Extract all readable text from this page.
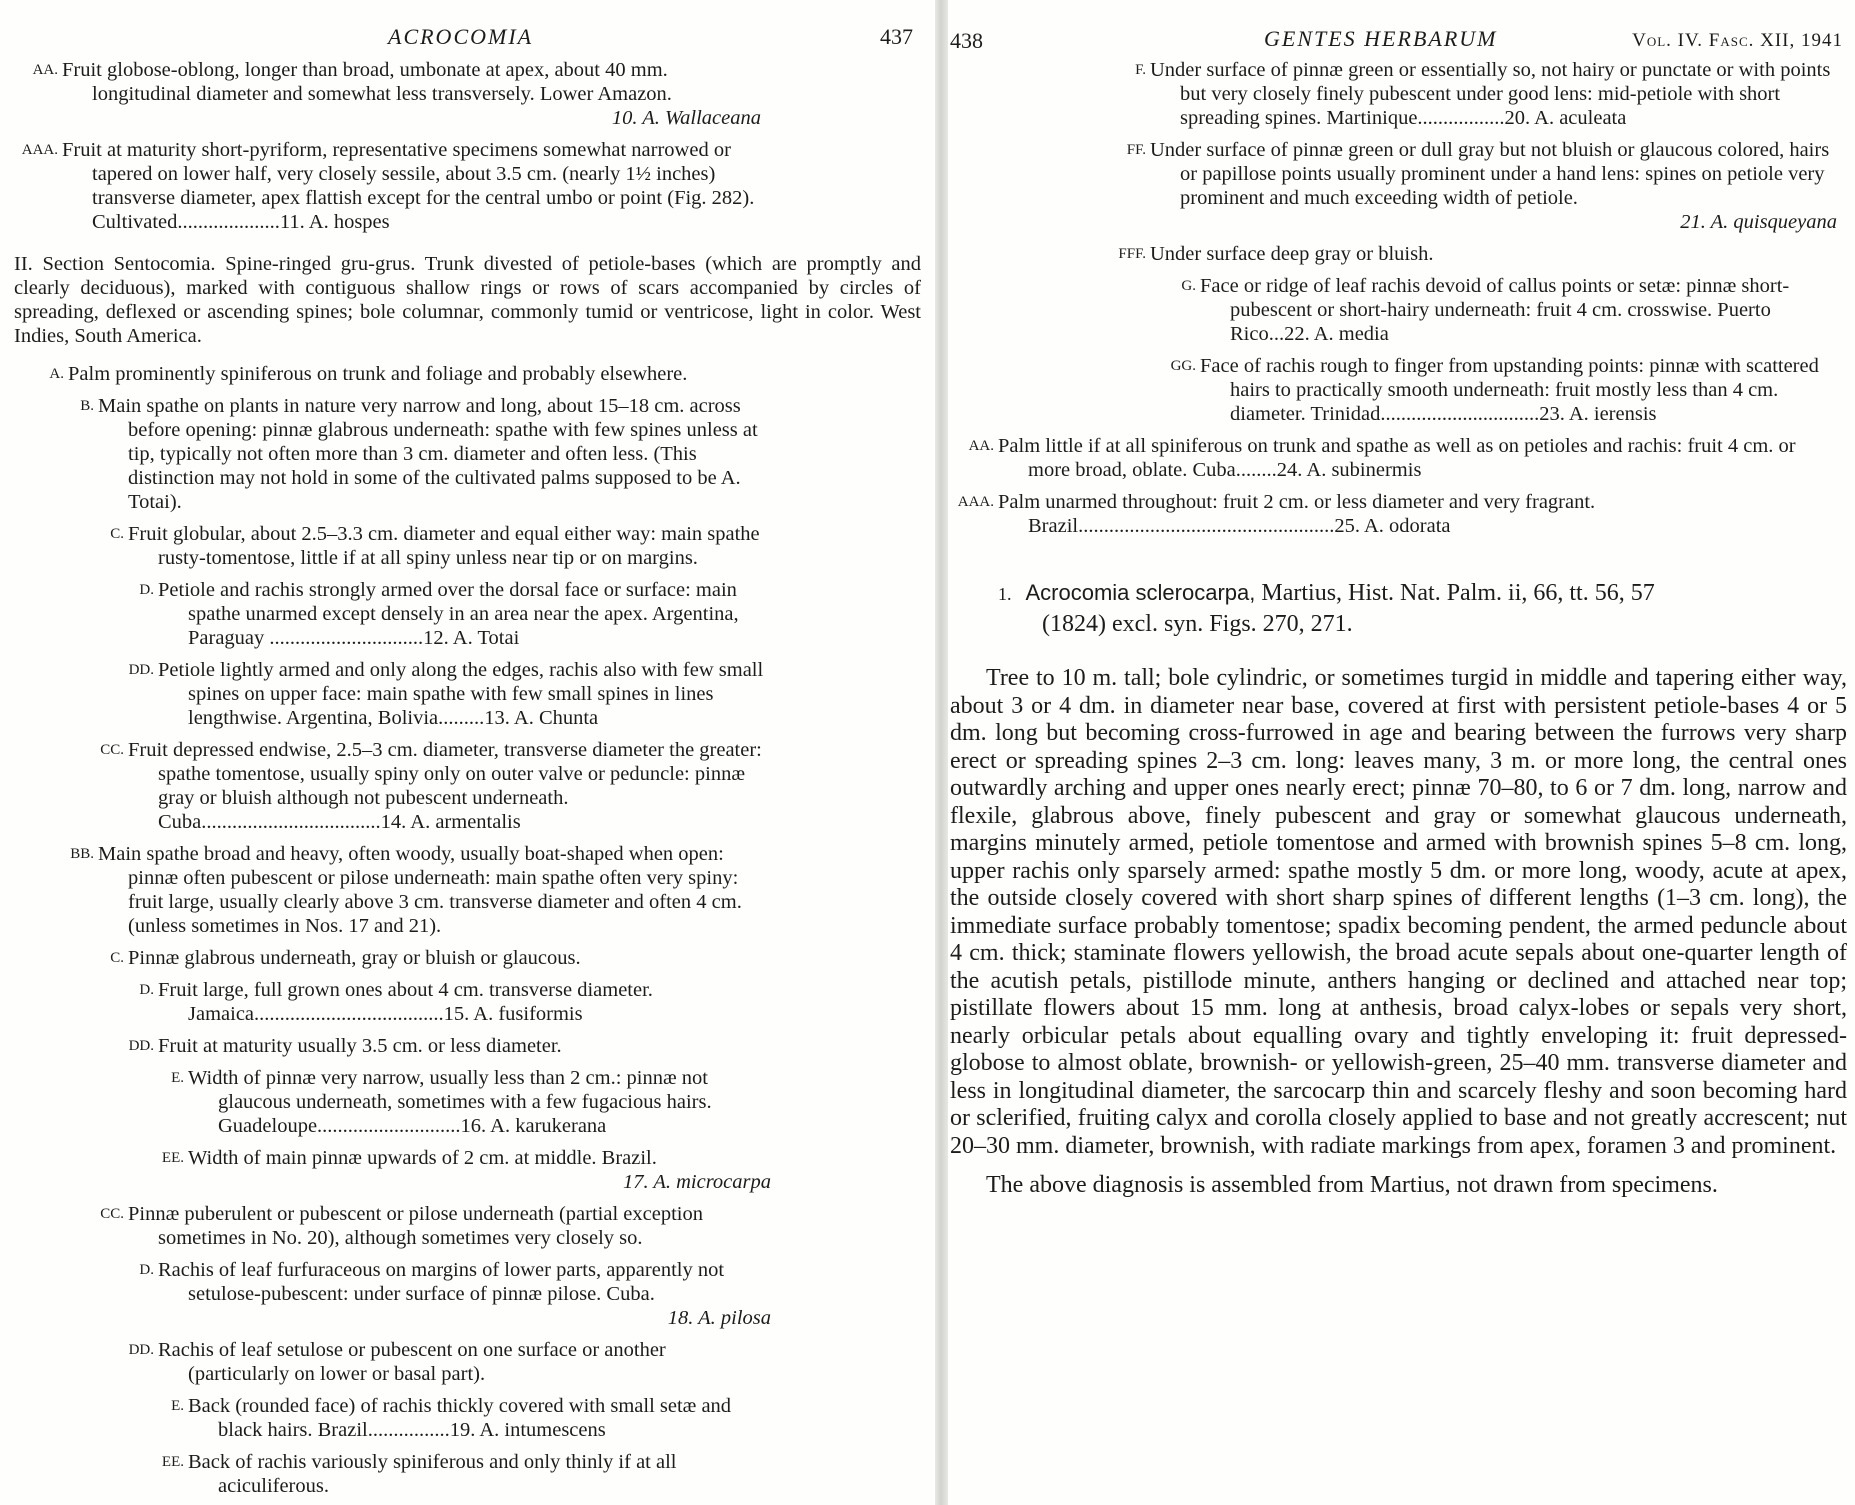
ACROCOMIA	437
AA. Fruit globose-oblong, longer than broad, umbonate at apex, about 40 mm. longitudinal diameter and somewhat less transversely. Lower Amazon.
10. A. Wallaceana
AAA. Fruit at maturity short-pyriform, representative specimens somewhat narrowed or tapered on lower half, very closely sessile, about 3.5 cm. (nearly 1½ inches) transverse diameter, apex flattish except for the central umbo or point (Fig. 282). Cultivated....................11. A. hospes

II. Section Sentocomia. Spine-ringed gru-grus. Trunk divested of petiole-bases (which are promptly and clearly deciduous), marked with contiguous shallow rings or rows of scars accompanied by circles of spreading, deflexed or ascending spines; bole columnar, commonly tumid or ventricose, light in color. West Indies, South America.

A. Palm prominently spiniferous on trunk and foliage and probably elsewhere.
B. Main spathe on plants in nature very narrow and long, about 15–18 cm. across before opening: pinnæ glabrous underneath: spathe with few spines unless at tip, typically not often more than 3 cm. diameter and often less. (This distinction may not hold in some of the cultivated palms supposed to be A. Totai).
C. Fruit globular, about 2.5–3.3 cm. diameter and equal either way: main spathe rusty-tomentose, little if at all spiny unless near tip or on margins.
D. Petiole and rachis strongly armed over the dorsal face or surface: main spathe unarmed except densely in an area near the apex. Argentina, Paraguay ..............................12. A. Totai
DD. Petiole lightly armed and only along the edges, rachis also with few small spines on upper face: main spathe with few small spines in lines lengthwise. Argentina, Bolivia.........13. A. Chunta
CC. Fruit depressed endwise, 2.5–3 cm. diameter, transverse diameter the greater: spathe tomentose, usually spiny only on outer valve or peduncle: pinnæ gray or bluish although not pubescent underneath. Cuba...................................14. A. armentalis
BB. Main spathe broad and heavy, often woody, usually boat-shaped when open: pinnæ often pubescent or pilose underneath: main spathe often very spiny: fruit large, usually clearly above 3 cm. transverse diameter and often 4 cm. (unless sometimes in Nos. 17 and 21).
C. Pinnæ glabrous underneath, gray or bluish or glaucous.
D. Fruit large, full grown ones about 4 cm. transverse diameter. Jamaica.....................................15. A. fusiformis
DD. Fruit at maturity usually 3.5 cm. or less diameter.
E. Width of pinnæ very narrow, usually less than 2 cm.: pinnæ not glaucous underneath, sometimes with a few fugacious hairs. Guadeloupe............................16. A. karukerana
EE. Width of main pinnæ upwards of 2 cm. at middle. Brazil.
17. A. microcarpa
CC. Pinnæ puberulent or pubescent or pilose underneath (partial exception sometimes in No. 20), although sometimes very closely so.
D. Rachis of leaf furfuraceous on margins of lower parts, apparently not setulose-pubescent: under surface of pinnæ pilose. Cuba.
18. A. pilosa
DD. Rachis of leaf setulose or pubescent on one surface or another (particularly on lower or basal part).
E. Back (rounded face) of rachis thickly covered with small setæ and black hairs. Brazil................19. A. intumescens
EE. Back of rachis variously spiniferous and only thinly if at all aciculiferous.
438	GENTES HERBARUM	Vol. IV. Fasc. XII, 1941
F. Under surface of pinnæ green or essentially so, not hairy or punctate or with points but very closely finely pubescent under good lens: mid-petiole with short spreading spines. Martinique.................20. A. aculeata
FF. Under surface of pinnæ green or dull gray but not bluish or glaucous colored, hairs or papillose points usually prominent under a hand lens: spines on petiole very prominent and much exceeding width of petiole.
21. A. quisqueyana
FFF. Under surface deep gray or bluish.
G. Face or ridge of leaf rachis devoid of callus points or setæ: pinnæ short-pubescent or short-hairy underneath: fruit 4 cm. crosswise. Puerto Rico...22. A. media
GG. Face of rachis rough to finger from upstanding points: pinnæ with scattered hairs to practically smooth underneath: fruit mostly less than 4 cm. diameter. Trinidad...............................23. A. ierensis
AA. Palm little if at all spiniferous on trunk and spathe as well as on petioles and rachis: fruit 4 cm. or more broad, oblate. Cuba........24. A. subinermis
AAA. Palm unarmed throughout: fruit 2 cm. or less diameter and very fragrant. Brazil..................................................25. A. odorata
1. Acrocomia sclerocarpa, Martius, Hist. Nat. Palm. ii, 66, tt. 56, 57
(1824) excl. syn. Figs. 270, 271.

Tree to 10 m. tall; bole cylindric, or sometimes turgid in middle and tapering either way, about 3 or 4 dm. in diameter near base, covered at first with persistent petiole-bases 4 or 5 dm. long but becoming cross-furrowed in age and bearing between the furrows very sharp erect or spreading spines 2–3 cm. long: leaves many, 3 m. or more long, the central ones outwardly arching and upper ones nearly erect; pinnæ 70–80, to 6 or 7 dm. long, narrow and flexile, glabrous above, finely pubescent and gray or somewhat glaucous underneath, margins minutely armed, petiole tomentose and armed with brownish spines 5–8 cm. long, upper rachis only sparsely armed: spathe mostly 5 dm. or more long, woody, acute at apex, the outside closely covered with short sharp spines of different lengths (1–3 cm. long), the immediate surface probably tomentose; spadix becoming pendent, the armed peduncle about 4 cm. thick; staminate flowers yellowish, the broad acute sepals about one-quarter length of the acutish petals, pistillode minute, anthers hanging or declined and attached near top; pistillate flowers about 15 mm. long at anthesis, broad calyx-lobes or sepals very short, nearly orbicular petals about equalling ovary and tightly enveloping it: fruit depressed-globose to almost oblate, brownish- or yellowish-green, 25–40 mm. transverse diameter and less in longitudinal diameter, the sarcocarp thin and scarcely fleshy and soon becoming hard or sclerified, fruiting calyx and corolla closely applied to base and not greatly accrescent; nut 20–30 mm. diameter, brownish, with radiate markings from apex, foramen 3 and prominent.

The above diagnosis is assembled from Martius, not drawn from specimens.
